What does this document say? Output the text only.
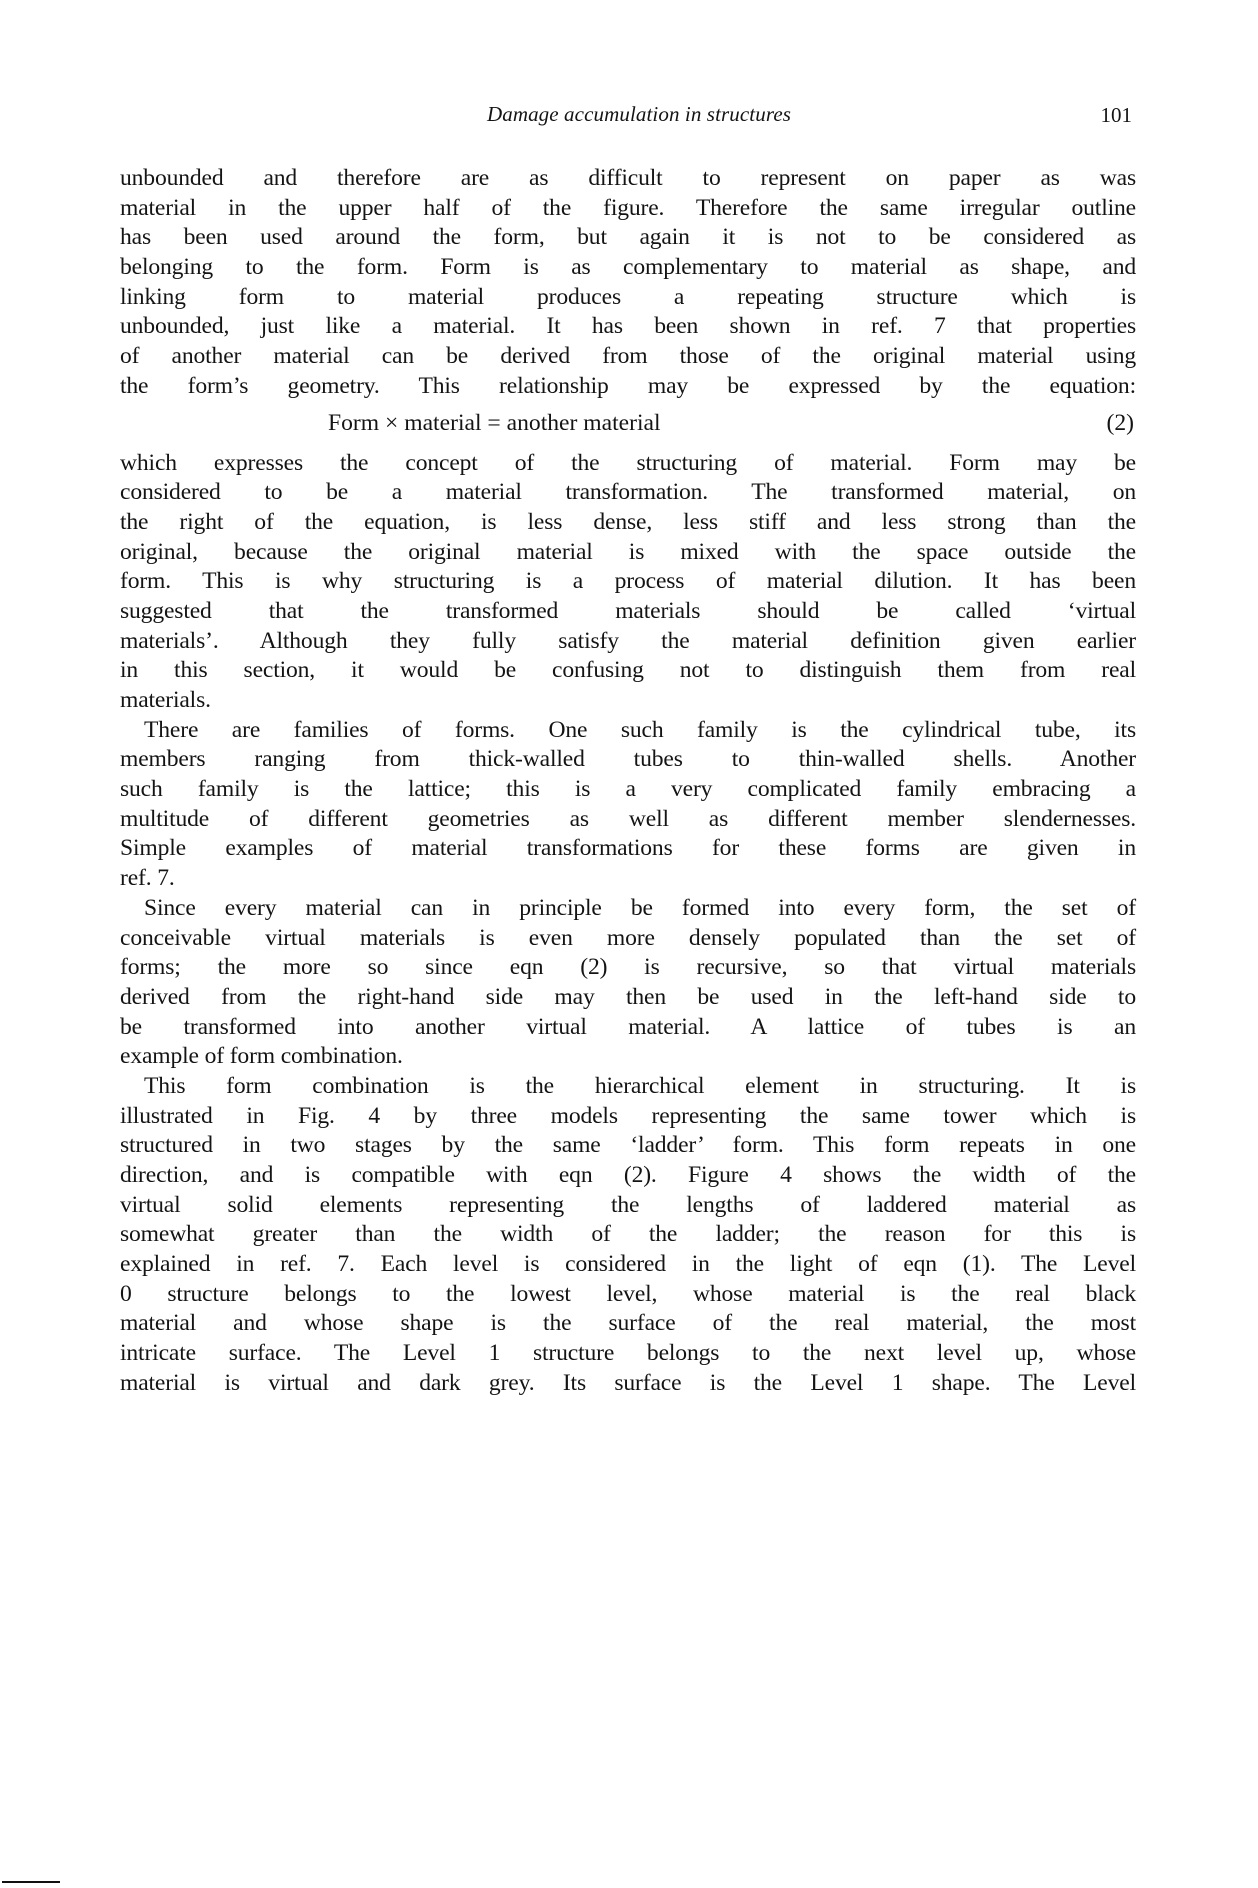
Damage accumulation in structures	101

unbounded and therefore are as difficult to represent on paper as was
material in the upper half of the figure. Therefore the same irregular outline
has been used around the form, but again it is not to be considered as
belonging to the form. Form is as complementary to material as shape, and
linking form to material produces a repeating structure which is
unbounded, just like a material. It has been shown in ref. 7 that properties
of another material can be derived from those of the original material using
the form’s geometry. This relationship may be expressed by the equation:

Form × material = another material	(2)

which expresses the concept of the structuring of material. Form may be
considered to be a material transformation. The transformed material, on
the right of the equation, is less dense, less stiff and less strong than the
original, because the original material is mixed with the space outside the
form. This is why structuring is a process of material dilution. It has been
suggested that the transformed materials should be called ‘virtual
materials’. Although they fully satisfy the material definition given earlier
in this section, it would be confusing not to distinguish them from real
materials.

There are families of forms. One such family is the cylindrical tube, its
members ranging from thick-walled tubes to thin-walled shells. Another
such family is the lattice; this is a very complicated family embracing a
multitude of different geometries as well as different member slendernesses.
Simple examples of material transformations for these forms are given in
ref. 7.

Since every material can in principle be formed into every form, the set of
conceivable virtual materials is even more densely populated than the set of
forms; the more so since eqn (2) is recursive, so that virtual materials
derived from the right-hand side may then be used in the left-hand side to
be transformed into another virtual material. A lattice of tubes is an
example of form combination.

This form combination is the hierarchical element in structuring. It is
illustrated in Fig. 4 by three models representing the same tower which is
structured in two stages by the same ‘ladder’ form. This form repeats in one
direction, and is compatible with eqn (2). Figure 4 shows the width of the
virtual solid elements representing the lengths of laddered material as
somewhat greater than the width of the ladder; the reason for this is
explained in ref. 7. Each level is considered in the light of eqn (1). The Level
0 structure belongs to the lowest level, whose material is the real black
material and whose shape is the surface of the real material, the most
intricate surface. The Level 1 structure belongs to the next level up, whose
material is virtual and dark grey. Its surface is the Level 1 shape. The Level
